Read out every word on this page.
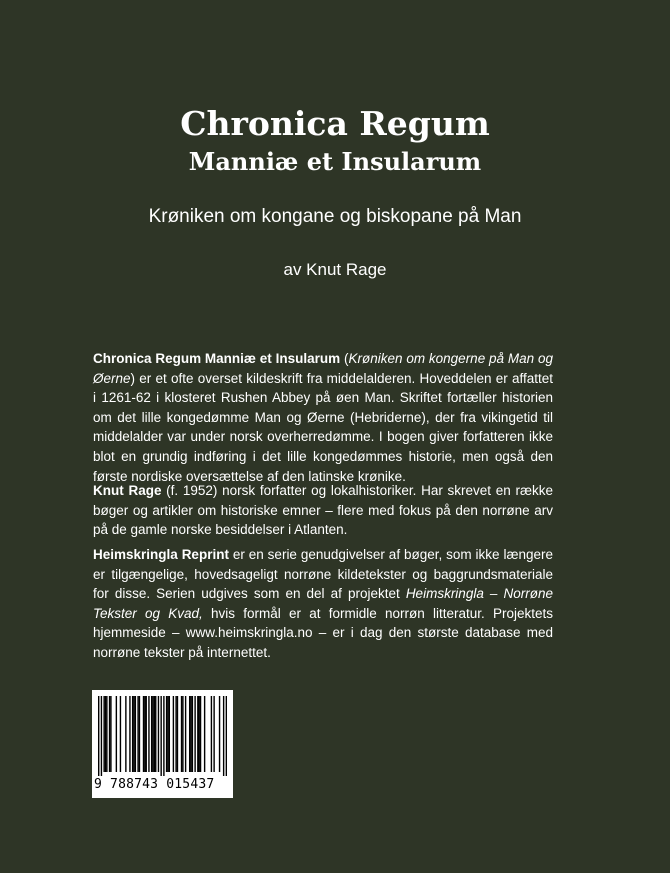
Chronica Regum
Manniæ et Insularum
Krøniken om kongane og biskopane på Man
av Knut Rage

Chronica Regum Manniæ et Insularum (Krøniken om kongerne på Man og Øerne) er et ofte overset kildeskrift fra middelalderen. Hoveddelen er affattet i 1261-62 i klosteret Rushen Abbey på øen Man. Skriftet fortæller historien om det lille kongedømme Man og Øerne (Hebriderne), der fra vikingetid til middelalder var under norsk overherredømme. I bogen giver forfatteren ikke blot en grundig indføring i det lille kongedømmes historie, men også den første nordiske oversættelse af den latinske krønike.

Knut Rage (f. 1952) norsk forfatter og lokalhistoriker. Har skrevet en række bøger og artikler om historiske emner – flere med fokus på den norrøne arv på de gamle norske besiddelser i Atlanten.

Heimskringla Reprint er en serie genudgivelser af bøger, som ikke længere er tilgængelige, hovedsageligt norrøne kildetekster og baggrundsmateriale for disse. Serien udgives som en del af projektet Heimskringla – Norrøne Tekster og Kvad, hvis formål er at formidle norrøn litteratur. Projektets hjemmeside – www.heimskringla.no – er i dag den største database med norrøne tekster på internettet.

9 788743 015437
